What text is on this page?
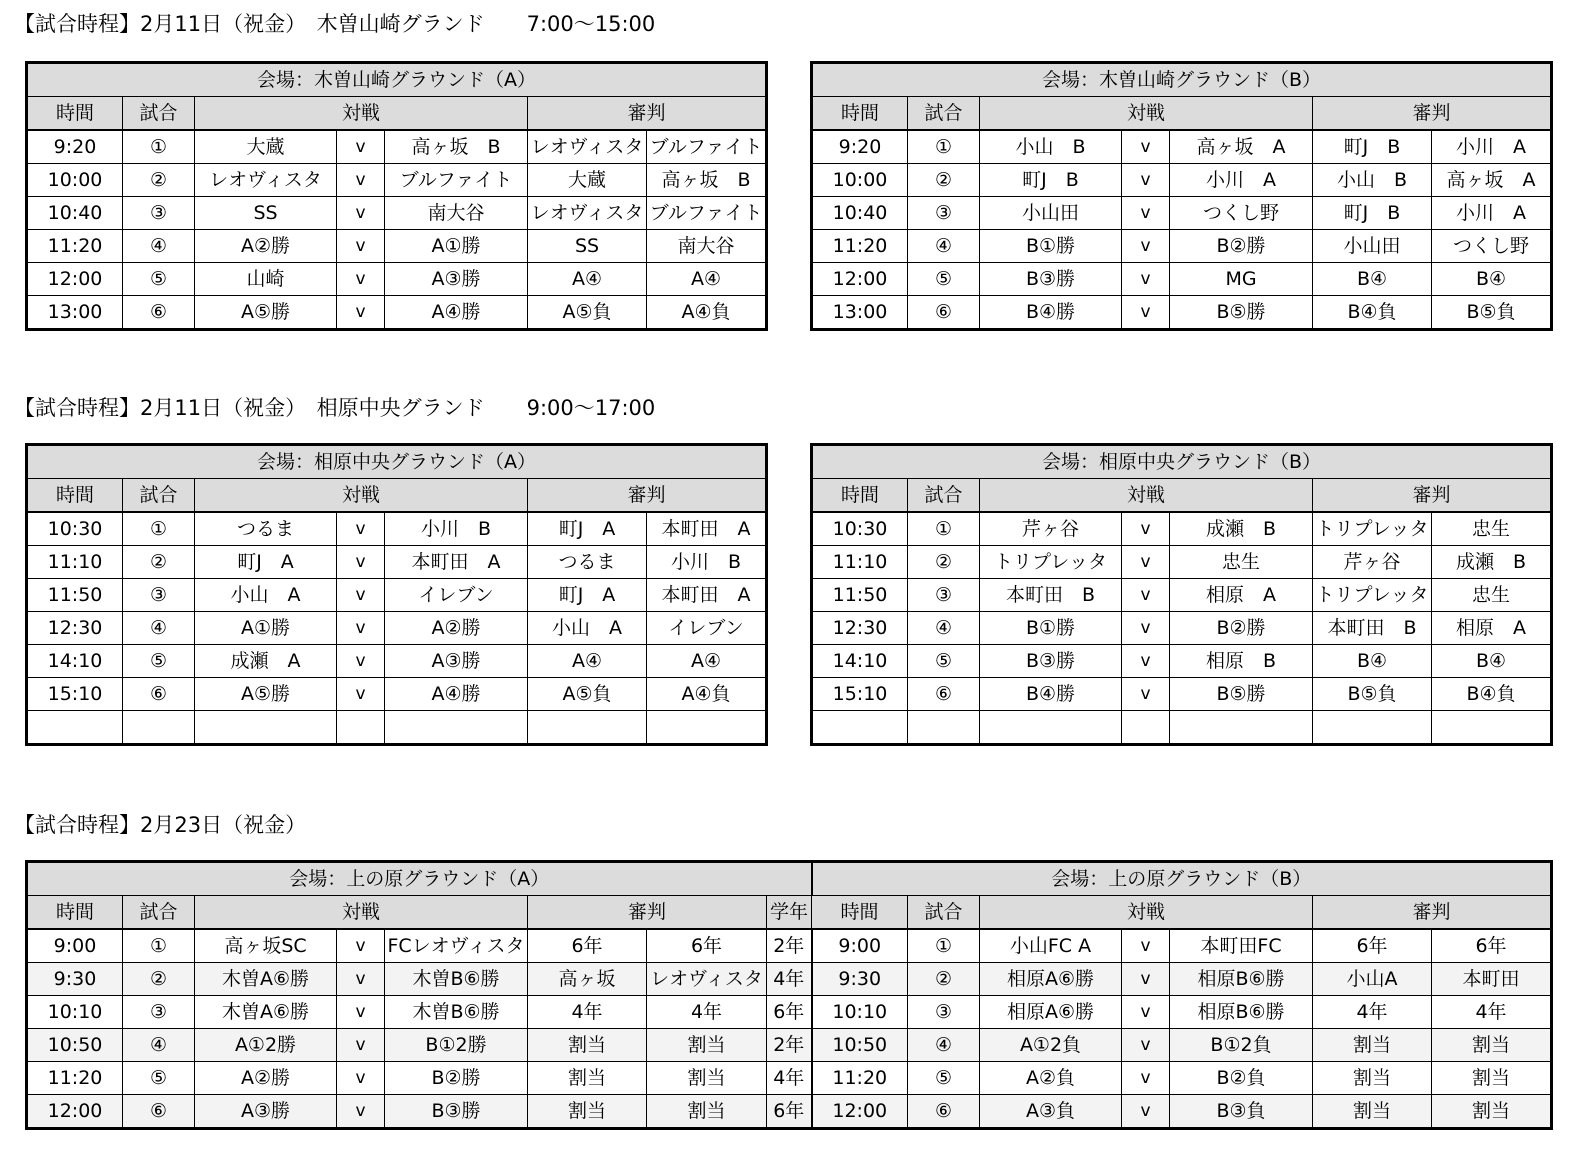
【試合時程】2月11日（祝金）　木曽山崎グランド　　7:00〜15:00
会場：木曽山崎グラウンド（A）						
時間	試合	対戦			審判	
9:20	①	大蔵	v	高ヶ坂　B	レオヴィスタ	ブルファイト
10:00	②	レオヴィスタ	v	ブルファイト	大蔵	高ヶ坂　B
10:40	③	SS	v	南大谷	レオヴィスタ	ブルファイト
11:20	④	A②勝	v	A①勝	SS	南大谷
12:00	⑤	山崎	v	A③勝	A④	A④
13:00	⑥	A⑤勝	v	A④勝	A⑤負	A④負
会場：木曽山崎グラウンド（B）						
時間	試合	対戦			審判	
9:20	①	小山　B	v	高ヶ坂　A	町J　B	小川　A
10:00	②	町J　B	v	小川　A	小山　B	高ヶ坂　A
10:40	③	小山田	v	つくし野	町J　B	小川　A
11:20	④	B①勝	v	B②勝	小山田	つくし野
12:00	⑤	B③勝	v	MG	B④	B④
13:00	⑥	B④勝	v	B⑤勝	B④負	B⑤負
【試合時程】2月11日（祝金）　相原中央グランド　　9:00〜17:00
会場：相原中央グラウンド（A）						
時間	試合	対戦			審判	
10:30	①	つるま	v	小川　B	町J　A	本町田　A
11:10	②	町J　A	v	本町田　A	つるま	小川　B
11:50	③	小山　A	v	イレブン	町J　A	本町田　A
12:30	④	A①勝	v	A②勝	小山　A	イレブン
14:10	⑤	成瀬　A	v	A③勝	A④	A④
15:10	⑥	A⑤勝	v	A④勝	A⑤負	A④負

会場：相原中央グラウンド（B）						
時間	試合	対戦			審判	
10:30	①	芹ヶ谷	v	成瀬　B	トリプレッタ	忠生
11:10	②	トリプレッタ	v	忠生	芹ヶ谷	成瀬　B
11:50	③	本町田　B	v	相原　A	トリプレッタ	忠生
12:30	④	B①勝	v	B②勝	本町田　B	相原　A
14:10	⑤	B③勝	v	相原　B	B④	B④
15:10	⑥	B④勝	v	B⑤勝	B⑤負	B④負

【試合時程】2月23日（祝金）
会場：上の原グラウンド（A）								会場：上の原グラウンド（B）						
時間	試合	対戦			審判		学年	時間	試合	対戦			審判	
9:00	①	高ヶ坂SC	v	FCレオヴィスタ	6年	6年	2年	9:00	①	小山FC A	v	本町田FC	6年	6年
9:30	②	木曽A⑥勝	v	木曽B⑥勝	高ヶ坂	レオヴィスタ	4年	9:30	②	相原A⑥勝	v	相原B⑥勝	小山A	本町田
10:10	③	木曽A⑥勝	v	木曽B⑥勝	4年	4年	6年	10:10	③	相原A⑥勝	v	相原B⑥勝	4年	4年
10:50	④	A①2勝	v	B①2勝	割当	割当	2年	10:50	④	A①2負	v	B①2負	割当	割当
11:20	⑤	A②勝	v	B②勝	割当	割当	4年	11:20	⑤	A②負	v	B②負	割当	割当
12:00	⑥	A③勝	v	B③勝	割当	割当	6年	12:00	⑥	A③負	v	B③負	割当	割当
